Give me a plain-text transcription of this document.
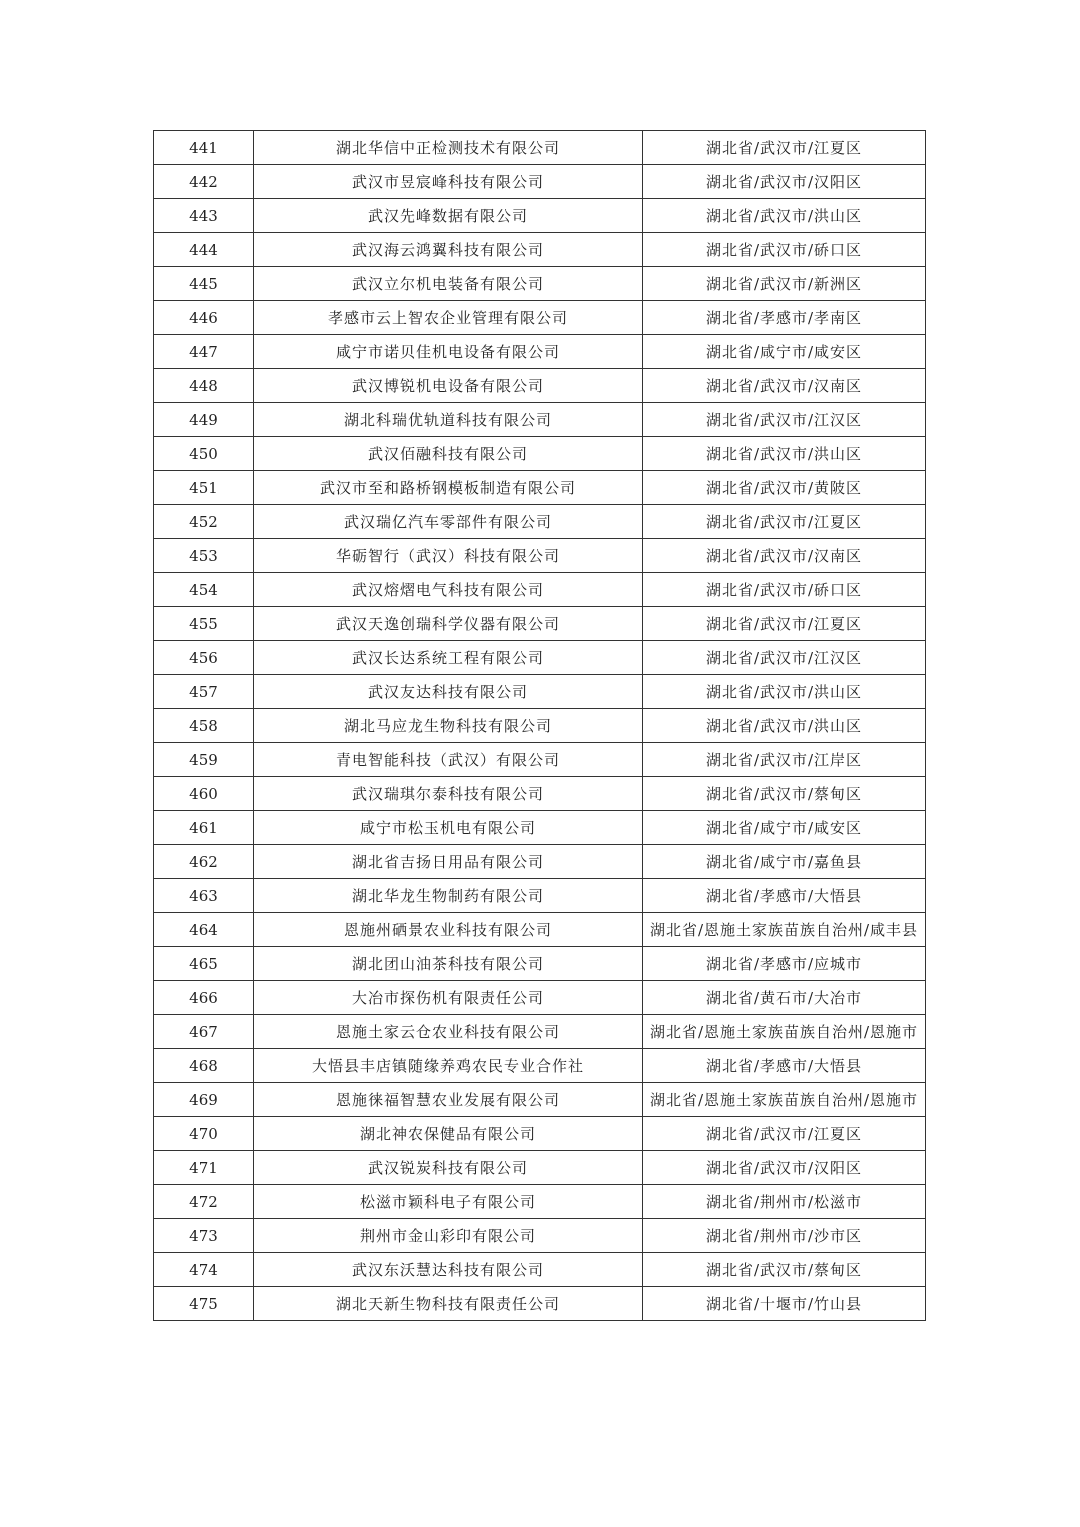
441	湖北华信中正检测技术有限公司	湖北省/武汉市/江夏区
442	武汉市昱宸峰科技有限公司	湖北省/武汉市/汉阳区
443	武汉先峰数据有限公司	湖北省/武汉市/洪山区
444	武汉海云鸿翼科技有限公司	湖北省/武汉市/硚口区
445	武汉立尔机电装备有限公司	湖北省/武汉市/新洲区
446	孝感市云上智农企业管理有限公司	湖北省/孝感市/孝南区
447	咸宁市诺贝佳机电设备有限公司	湖北省/咸宁市/咸安区
448	武汉博锐机电设备有限公司	湖北省/武汉市/汉南区
449	湖北科瑞优轨道科技有限公司	湖北省/武汉市/江汉区
450	武汉佰融科技有限公司	湖北省/武汉市/洪山区
451	武汉市至和路桥钢模板制造有限公司	湖北省/武汉市/黄陂区
452	武汉瑞亿汽车零部件有限公司	湖北省/武汉市/江夏区
453	华砺智行（武汉）科技有限公司	湖北省/武汉市/汉南区
454	武汉熔熠电气科技有限公司	湖北省/武汉市/硚口区
455	武汉天逸创瑞科学仪器有限公司	湖北省/武汉市/江夏区
456	武汉长达系统工程有限公司	湖北省/武汉市/江汉区
457	武汉友达科技有限公司	湖北省/武汉市/洪山区
458	湖北马应龙生物科技有限公司	湖北省/武汉市/洪山区
459	青电智能科技（武汉）有限公司	湖北省/武汉市/江岸区
460	武汉瑞琪尔泰科技有限公司	湖北省/武汉市/蔡甸区
461	咸宁市松玉机电有限公司	湖北省/咸宁市/咸安区
462	湖北省吉扬日用品有限公司	湖北省/咸宁市/嘉鱼县
463	湖北华龙生物制药有限公司	湖北省/孝感市/大悟县
464	恩施州硒景农业科技有限公司	湖北省/恩施土家族苗族自治州/咸丰县
465	湖北团山油茶科技有限公司	湖北省/孝感市/应城市
466	大冶市探伤机有限责任公司	湖北省/黄石市/大冶市
467	恩施土家云仓农业科技有限公司	湖北省/恩施土家族苗族自治州/恩施市
468	大悟县丰店镇随缘养鸡农民专业合作社	湖北省/孝感市/大悟县
469	恩施徕福智慧农业发展有限公司	湖北省/恩施土家族苗族自治州/恩施市
470	湖北神农保健品有限公司	湖北省/武汉市/江夏区
471	武汉锐炭科技有限公司	湖北省/武汉市/汉阳区
472	松滋市颖科电子有限公司	湖北省/荆州市/松滋市
473	荆州市金山彩印有限公司	湖北省/荆州市/沙市区
474	武汉东沃慧达科技有限公司	湖北省/武汉市/蔡甸区
475	湖北天新生物科技有限责任公司	湖北省/十堰市/竹山县
